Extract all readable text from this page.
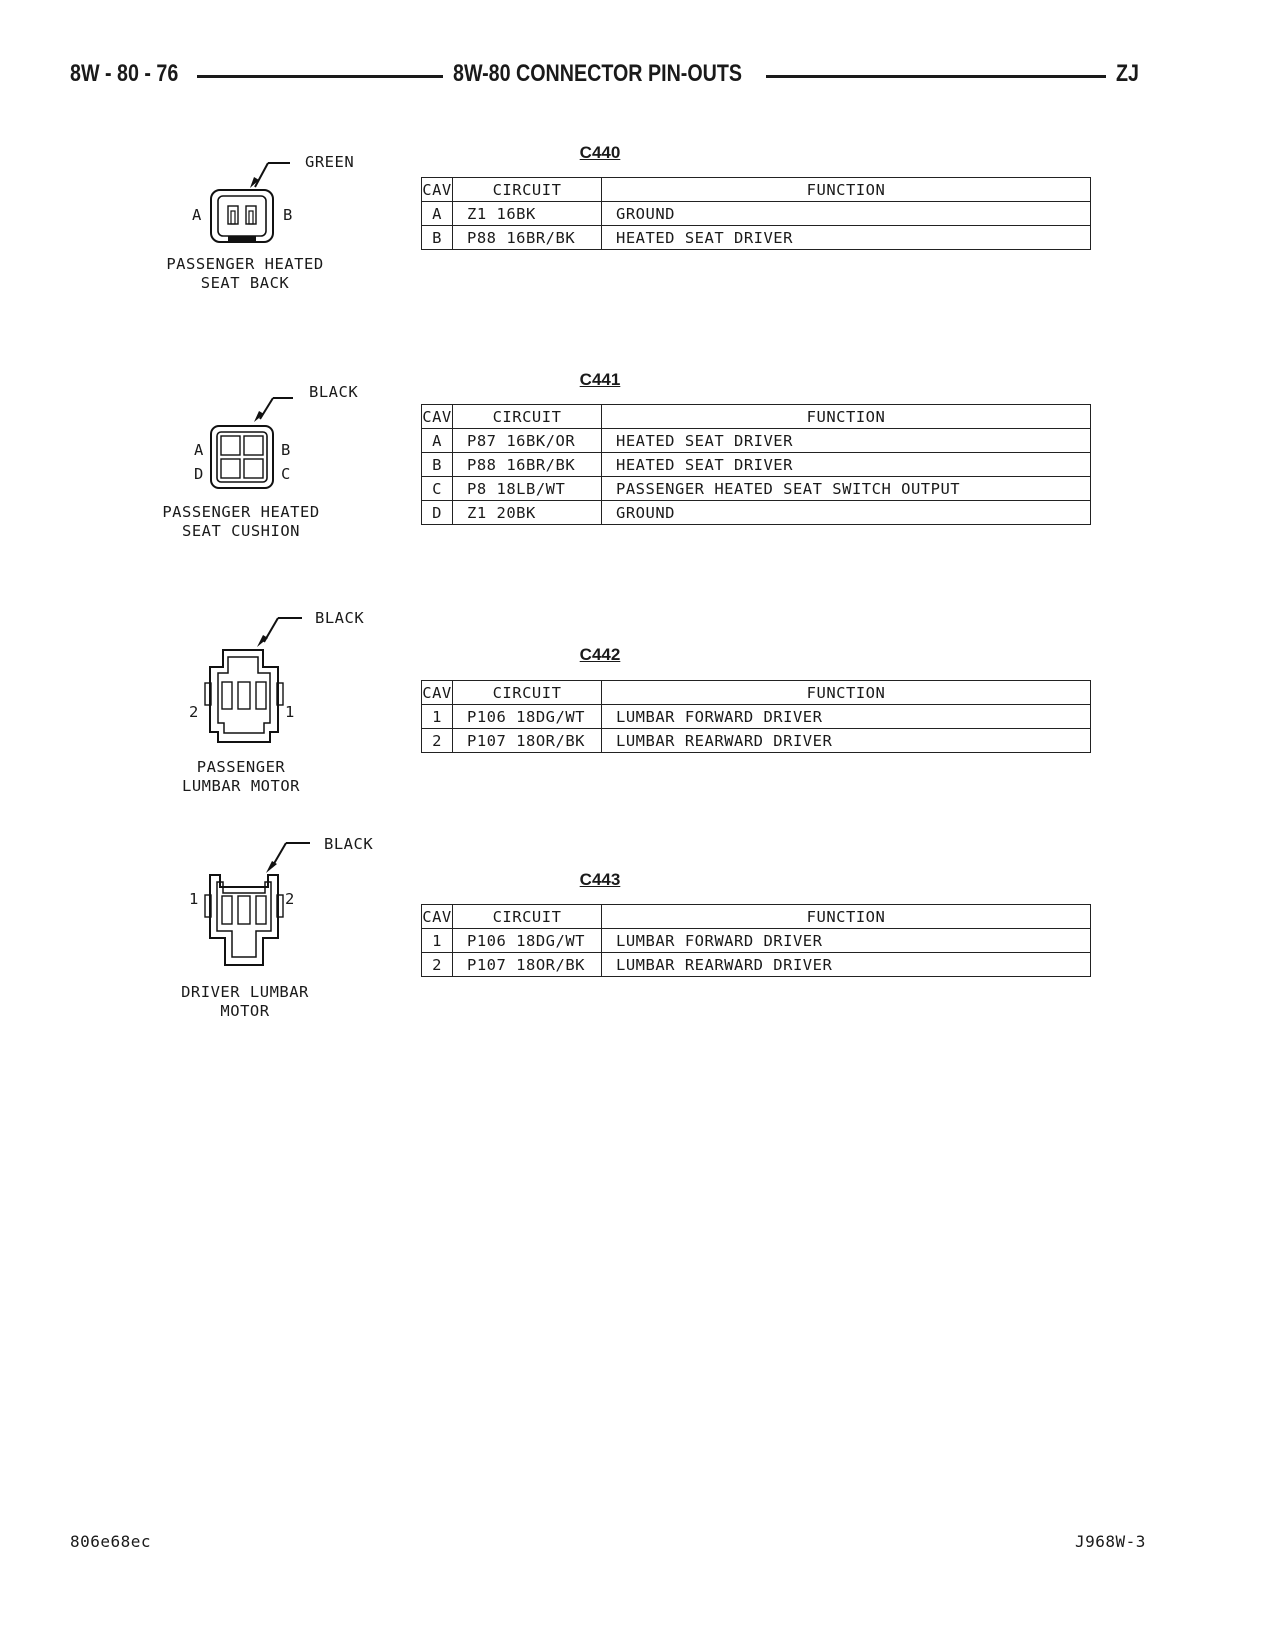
8W - 80 - 76	8W-80 CONNECTOR PIN-OUTS	ZJ
GREEN
A	B
PASSENGER HEATED
SEAT BACK
C440
CAV	CIRCUIT	FUNCTION
A	Z1 16BK	GROUND
B	P88 16BR/BK	HEATED SEAT DRIVER
BLACK
A	B
D	C
PASSENGER HEATED
SEAT CUSHION
C441
CAV	CIRCUIT	FUNCTION
A	P87 16BK/OR	HEATED SEAT DRIVER
B	P88 16BR/BK	HEATED SEAT DRIVER
C	P8 18LB/WT	PASSENGER HEATED SEAT SWITCH OUTPUT
D	Z1 20BK	GROUND
BLACK
2	1
PASSENGER
LUMBAR MOTOR
C442
CAV	CIRCUIT	FUNCTION
1	P106 18DG/WT	LUMBAR FORWARD DRIVER
2	P107 18OR/BK	LUMBAR REARWARD DRIVER
BLACK
1	2
DRIVER LUMBAR
MOTOR
C443
CAV	CIRCUIT	FUNCTION
1	P106 18DG/WT	LUMBAR FORWARD DRIVER
2	P107 18OR/BK	LUMBAR REARWARD DRIVER
806e68ec	J968W-3
